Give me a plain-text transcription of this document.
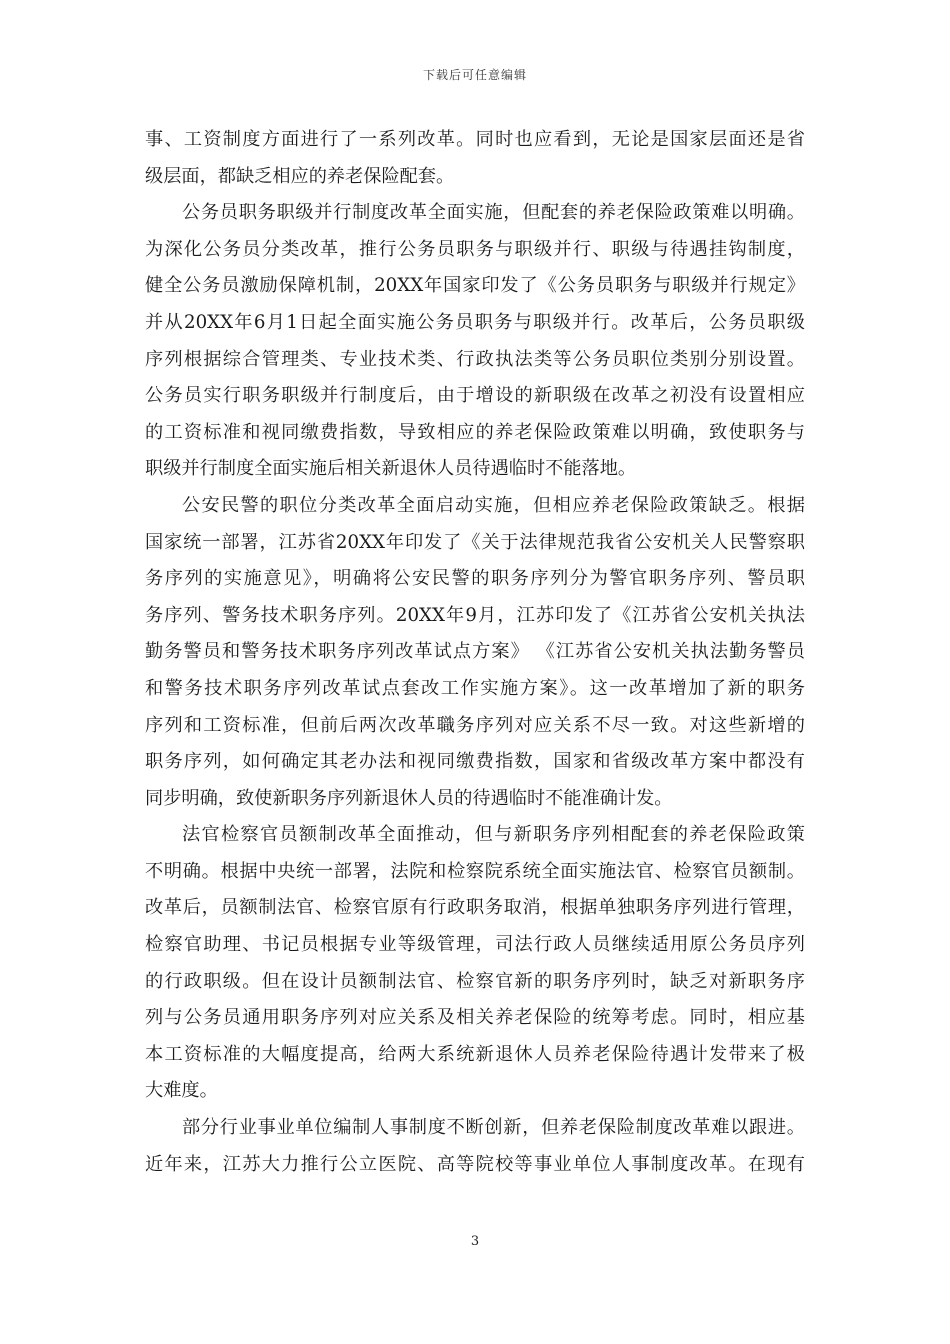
下载后可任意编辑
事、工资制度方面进行了一系列改革。同时也应看到，无论是国家层面还是省
级层面，都缺乏相应的养老保险配套。
公务员职务职级并行制度改革全面实施，但配套的养老保险政策难以明确。
为深化公务员分类改革，推行公务员职务与职级并行、职级与待遇挂钩制度，
健全公务员激励保障机制，20XX年国家印发了《公务员职务与职级并行规定》
并从20XX年6月1日起全面实施公务员职务与职级并行。改革后，公务员职级
序列根据综合管理类、专业技术类、行政执法类等公务员职位类别分别设置。
公务员实行职务职级并行制度后，由于增设的新职级在改革之初没有设置相应
的工资标准和视同缴费指数，导致相应的养老保险政策难以明确，致使职务与
职级并行制度全面实施后相关新退休人员待遇临时不能落地。
公安民警的职位分类改革全面启动实施，但相应养老保险政策缺乏。根据
国家统一部署，江苏省20XX年印发了《关于法律规范我省公安机关人民警察职
务序列的实施意见》，明确将公安民警的职务序列分为警官职务序列、警员职
务序列、警务技术职务序列。20XX年9月，江苏印发了《江苏省公安机关执法
勤务警员和警务技术职务序列改革试点方案》 《江苏省公安机关执法勤务警员
和警务技术职务序列改革试点套改工作实施方案》。这一改革增加了新的职务
序列和工资标准，但前后两次改革職务序列对应关系不尽一致。对这些新增的
职务序列，如何确定其老办法和视同缴费指数，国家和省级改革方案中都没有
同步明确，致使新职务序列新退休人员的待遇临时不能准确计发。
法官检察官员额制改革全面推动，但与新职务序列相配套的养老保险政策
不明确。根据中央统一部署，法院和检察院系统全面实施法官、检察官员额制。
改革后，员额制法官、检察官原有行政职务取消，根据单独职务序列进行管理，
检察官助理、书记员根据专业等级管理，司法行政人员继续适用原公务员序列
的行政职级。但在设计员额制法官、检察官新的职务序列时，缺乏对新职务序
列与公务员通用职务序列对应关系及相关养老保险的统筹考虑。同时，相应基
本工资标准的大幅度提高，给两大系统新退休人员养老保险待遇计发带来了极
大难度。
部分行业事业单位编制人事制度不断创新，但养老保险制度改革难以跟进。
近年来，江苏大力推行公立医院、高等院校等事业单位人事制度改革。在现有
3
